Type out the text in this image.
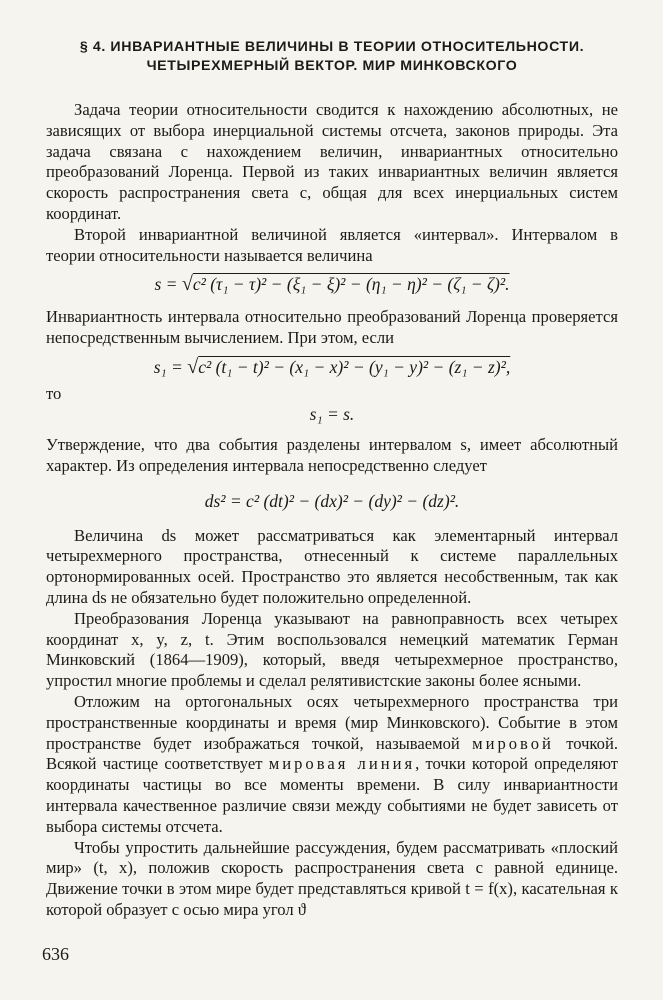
§ 4. ИНВАРИАНТНЫЕ ВЕЛИЧИНЫ В ТЕОРИИ ОТНОСИТЕЛЬНОСТИ.
ЧЕТЫРЕХМЕРНЫЙ ВЕКТОР. МИР МИНКОВСКОГО

Задача теории относительности сводится к нахождению абсолютных, не зависящих от выбора инерциальной системы отсчета, законов природы. Эта задача связана с нахождением величин, инвариантных относительно преобразований Лоренца. Первой из таких инвариантных величин является скорость распространения света c, общая для всех инерциальных систем координат.

Второй инвариантной величиной является «интервал». Интервалом в теории относительности называется величина

s = √c² (τ₁ − τ)² − (ξ₁ − ξ)² − (η₁ − η)² − (ζ₁ − ζ)².

Инвариантность интервала относительно преобразований Лоренца проверяется непосредственным вычислением. При этом, если

s₁ = √c² (t₁ − t)² − (x₁ − x)² − (y₁ − y)² − (z₁ − z)²,

то

s₁ = s.

Утверждение, что два события разделены интервалом s, имеет абсолютный характер. Из определения интервала непосредственно следует

ds² = c² (dt)² − (dx)² − (dy)² − (dz)².

Величина ds может рассматриваться как элементарный интервал четырехмерного пространства, отнесенный к системе параллельных ортонормированных осей. Пространство это является несобственным, так как длина ds не обязательно будет положительно определенной.

Преобразования Лоренца указывают на равноправность всех четырех координат x, y, z, t. Этим воспользовался немецкий математик Герман Минковский (1864—1909), который, введя четырехмерное пространство, упростил многие проблемы и сделал релятивистские законы более ясными.

Отложим на ортогональных осях четырехмерного пространства три пространственные координаты и время (мир Минковского). Событие в этом пространстве будет изображаться точкой, называемой мировой точкой. Всякой частице соответствует мировая линия, точки которой определяют координаты частицы во все моменты времени. В силу инвариантности интервала качественное различие связи между событиями не будет зависеть от выбора системы отсчета.

Чтобы упростить дальнейшие рассуждения, будем рассматривать «плоский мир» (t, x), положив скорость распространения света c равной единице. Движение точки в этом мире будет представляться кривой t = f(x), касательная к которой образует с осью мира угол ϑ

636
